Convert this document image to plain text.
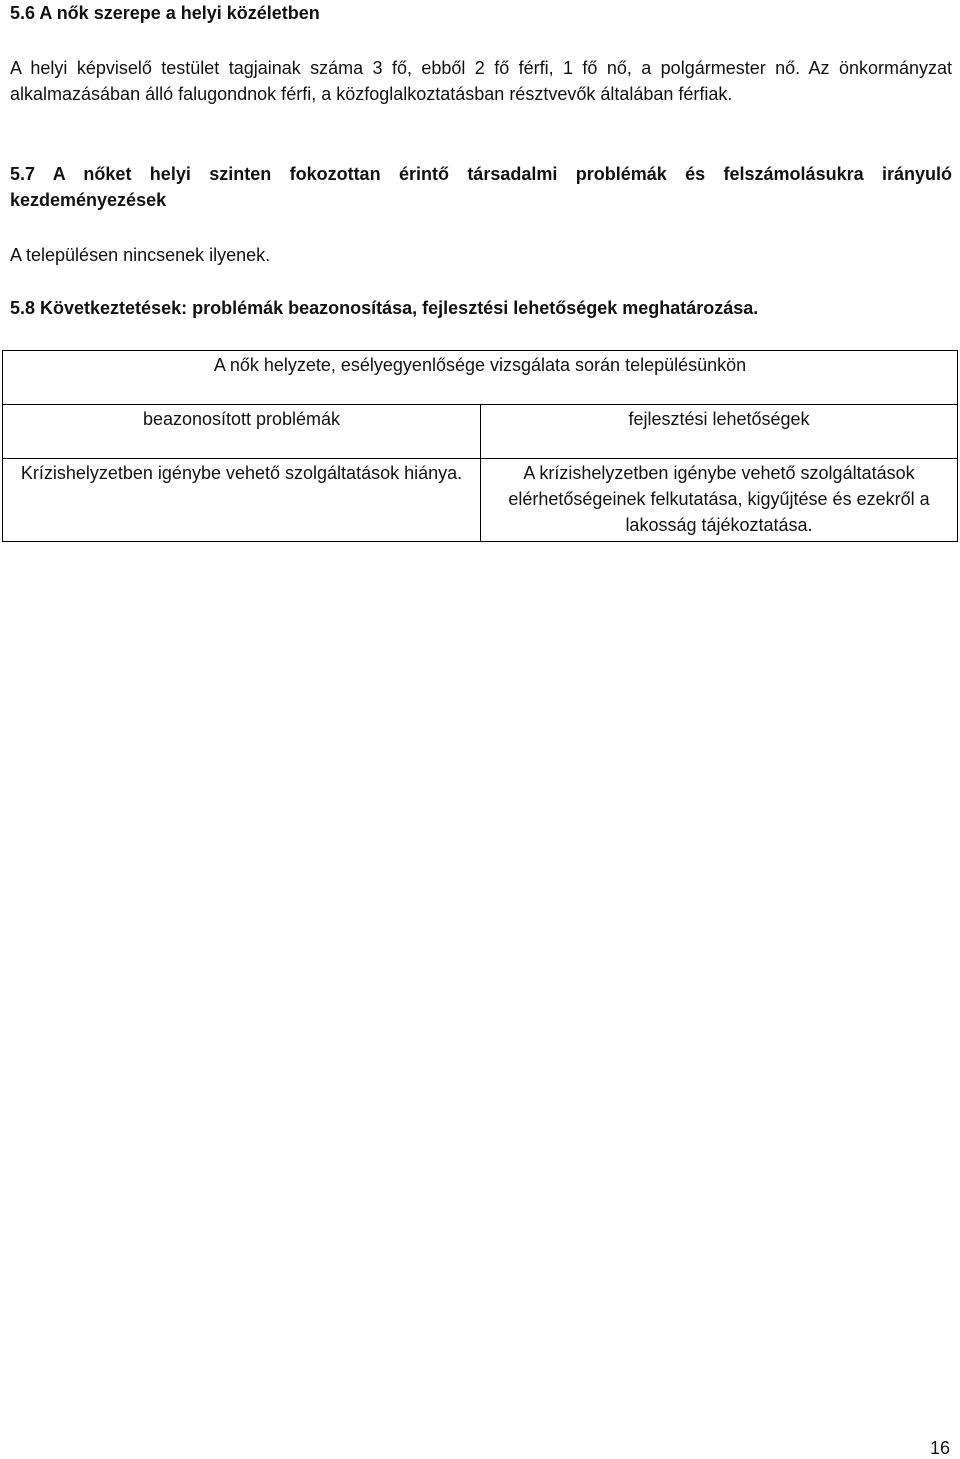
5.6 A nők szerepe a helyi közéletben
A helyi képviselő testület tagjainak száma 3 fő, ebből 2 fő férfi, 1 fő nő, a polgármester nő. Az önkormányzat alkalmazásában álló falugondnok férfi, a közfoglalkoztatásban résztvevők általában férfiak.
5.7 A nőket helyi szinten fokozottan érintő társadalmi problémák és felszámolásukra irányuló kezdeményezések
A településen nincsenek ilyenek.
5.8 Következtetések: problémák beazonosítása, fejlesztési lehetőségek meghatározása.
A nők helyzete, esélyegyenlősége vizsgálata során településünkön
beazonosított problémák	fejlesztési lehetőségek
Krízishelyzetben igénybe vehető szolgáltatások hiánya.	A krízishelyzetben igénybe vehető szolgáltatások elérhetőségeinek felkutatása, kigyűjtése és ezekről a lakosság tájékoztatása.
16
